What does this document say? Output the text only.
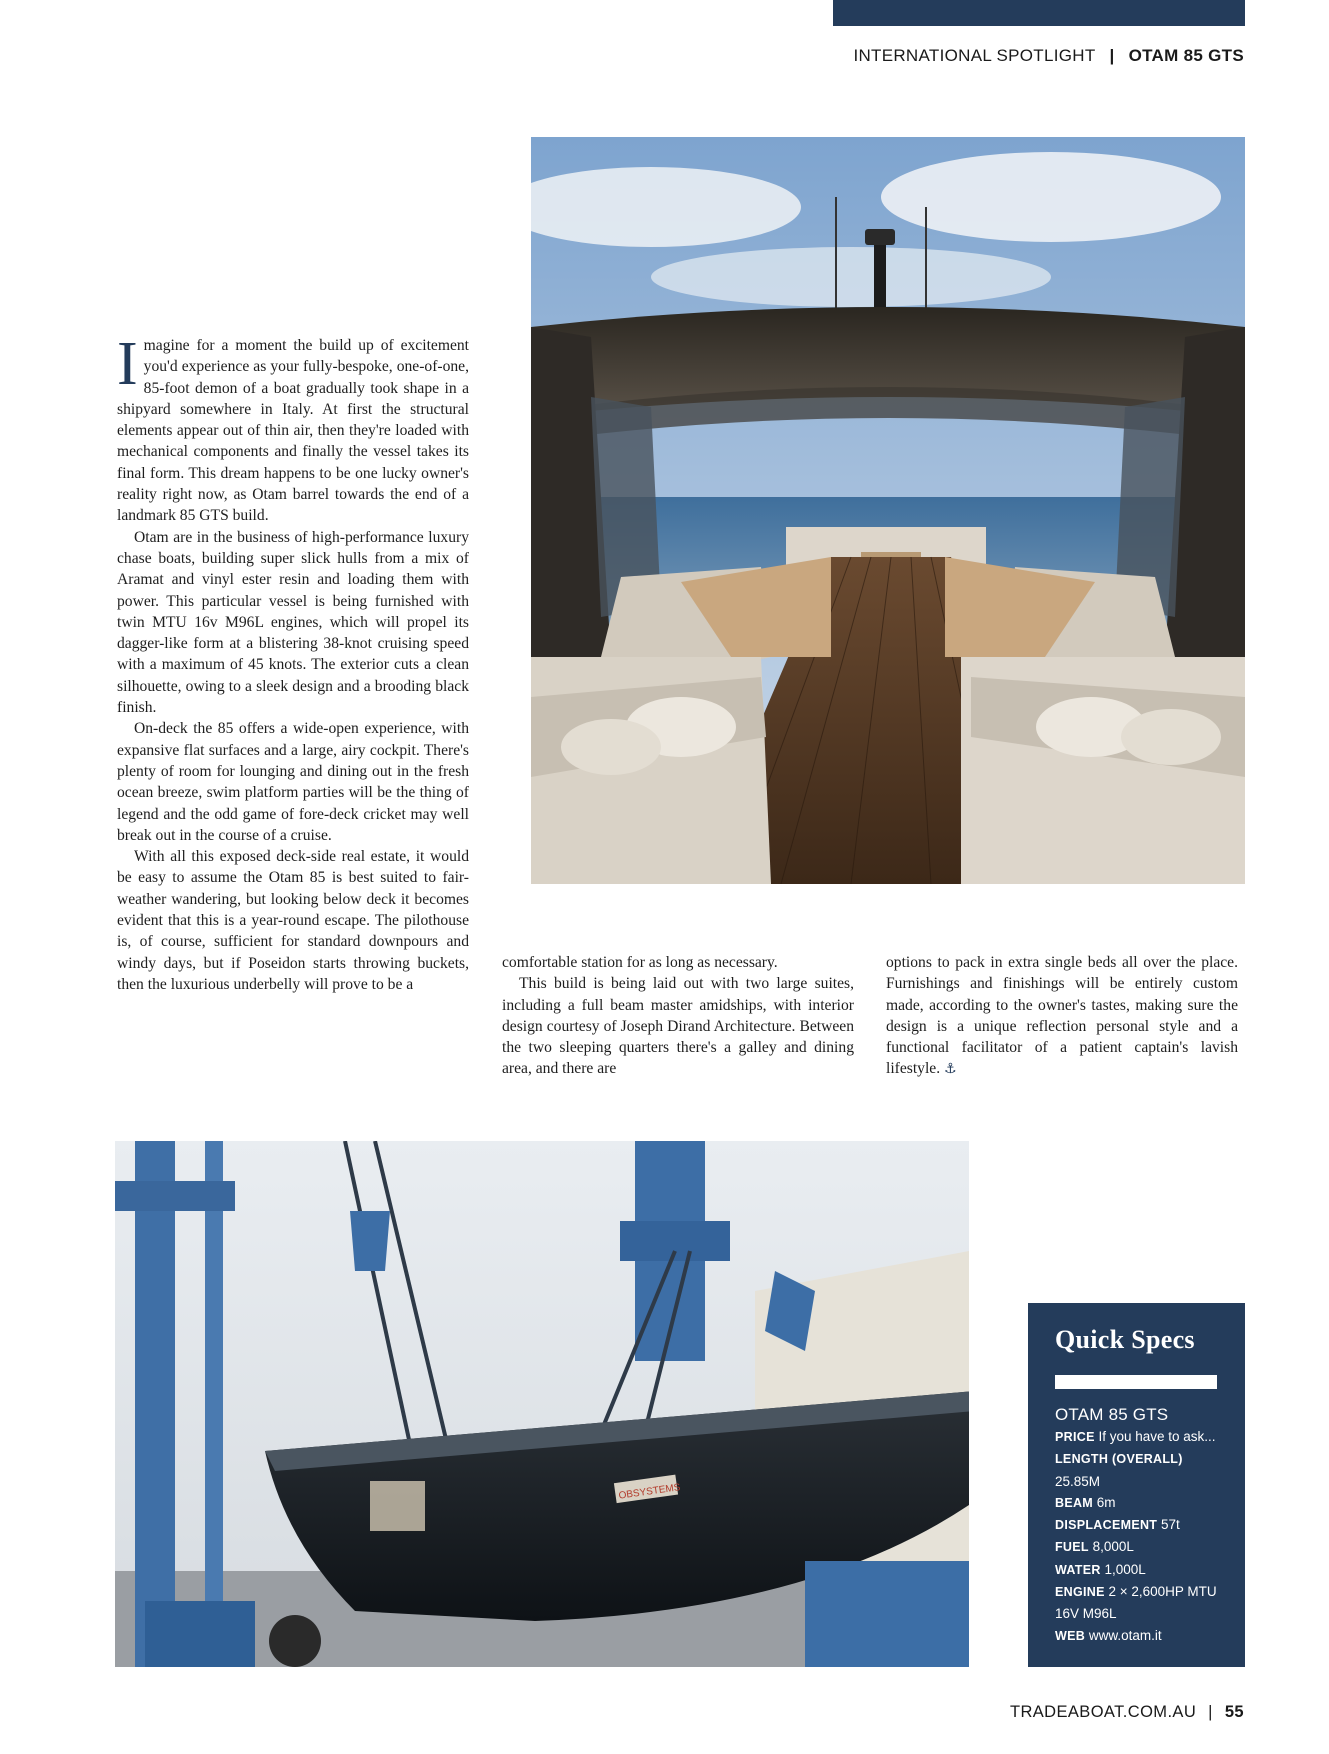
INTERNATIONAL SPOTLIGHT | OTAM 85 GTS

Imagine for a moment the build up of excitement you'd experience as your fully-bespoke, one-of-one, 85-foot demon of a boat gradually took shape in a shipyard somewhere in Italy. At first the structural elements appear out of thin air, then they're loaded with mechanical components and finally the vessel takes its final form. This dream happens to be one lucky owner's reality right now, as Otam barrel towards the end of a landmark 85 GTS build.

Otam are in the business of high-performance luxury chase boats, building super slick hulls from a mix of Aramat and vinyl ester resin and loading them with power. This particular vessel is being furnished with twin MTU 16v M96L engines, which will propel its dagger-like form at a blistering 38-knot cruising speed with a maximum of 45 knots. The exterior cuts a clean silhouette, owing to a sleek design and a brooding black finish.

On-deck the 85 offers a wide-open experience, with expansive flat surfaces and a large, airy cockpit. There's plenty of room for lounging and dining out in the fresh ocean breeze, swim platform parties will be the thing of legend and the odd game of fore-deck cricket may well break out in the course of a cruise.

With all this exposed deck-side real estate, it would be easy to assume the Otam 85 is best suited to fair-weather wandering, but looking below deck it becomes evident that this is a year-round escape. The pilothouse is, of course, sufficient for standard downpours and windy days, but if Poseidon starts throwing buckets, then the luxurious underbelly will prove to be a

comfortable station for as long as necessary.

This build is being laid out with two large suites, including a full beam master amidships, with interior design courtesy of Joseph Dirand Architecture. Between the two sleeping quarters there's a galley and dining area, and there are

options to pack in extra single beds all over the place. Furnishings and finishings will be entirely custom made, according to the owner's tastes, making sure the design is a unique reflection personal style and a functional facilitator of a patient captain's lavish lifestyle. ⚓

OBSYSTEMS
Quick Specs
OTAM 85 GTS
PRICE If you have to ask...
LENGTH (OVERALL)
25.85M
BEAM 6m
DISPLACEMENT 57t
FUEL 8,000L
WATER 1,000L
ENGINE 2 × 2,600HP MTU 16V M96L
WEB www.otam.it
TRADEABOAT.COM.AU | 55
